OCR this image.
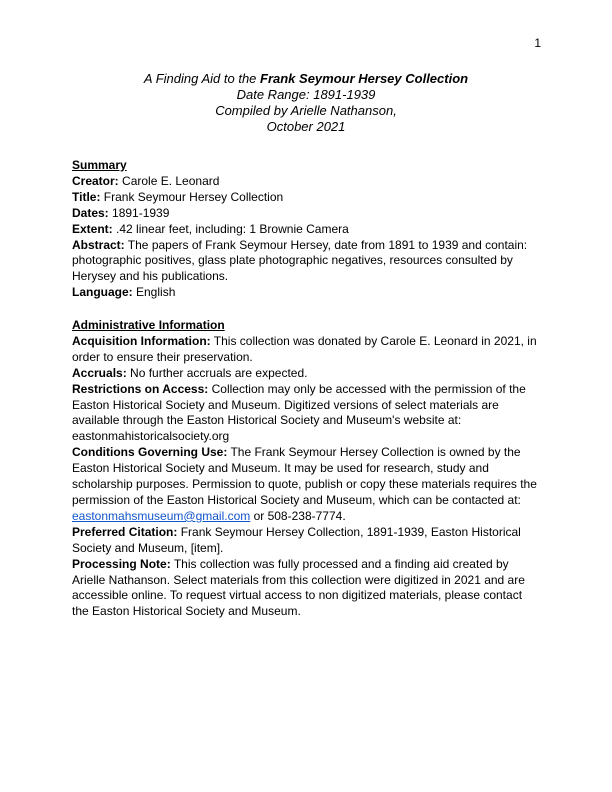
1

A Finding Aid to the Frank Seymour Hersey Collection

Date Range: 1891-1939

Compiled by Arielle Nathanson,

October 2021

Summary

Creator: Carole E. Leonard

Title: Frank Seymour Hersey Collection

Dates: 1891-1939

Extent: .42 linear feet, including: 1 Brownie Camera

Abstract: The papers of Frank Seymour Hersey, date from 1891 to 1939 and contain: photographic positives, glass plate photographic negatives, resources consulted by Herysey and his publications.

Language: English

Administrative Information

Acquisition Information: This collection was donated by Carole E. Leonard in 2021, in order to ensure their preservation.

Accruals: No further accruals are expected.

Restrictions on Access: Collection may only be accessed with the permission of the Easton Historical Society and Museum. Digitized versions of select materials are available through the Easton Historical Society and Museum's website at: eastonmahistoricalsociety.org

Conditions Governing Use: The Frank Seymour Hersey Collection is owned by the Easton Historical Society and Museum. It may be used for research, study and scholarship purposes. Permission to quote, publish or copy these materials requires the permission of the Easton Historical Society and Museum, which can be contacted at: eastonmahsmuseum@gmail.com or 508-238-7774.

Preferred Citation: Frank Seymour Hersey Collection, 1891-1939, Easton Historical Society and Museum, [item].

Processing Note: This collection was fully processed and a finding aid created by Arielle Nathanson. Select materials from this collection were digitized in 2021 and are accessible online. To request virtual access to non digitized materials, please contact the Easton Historical Society and Museum.
